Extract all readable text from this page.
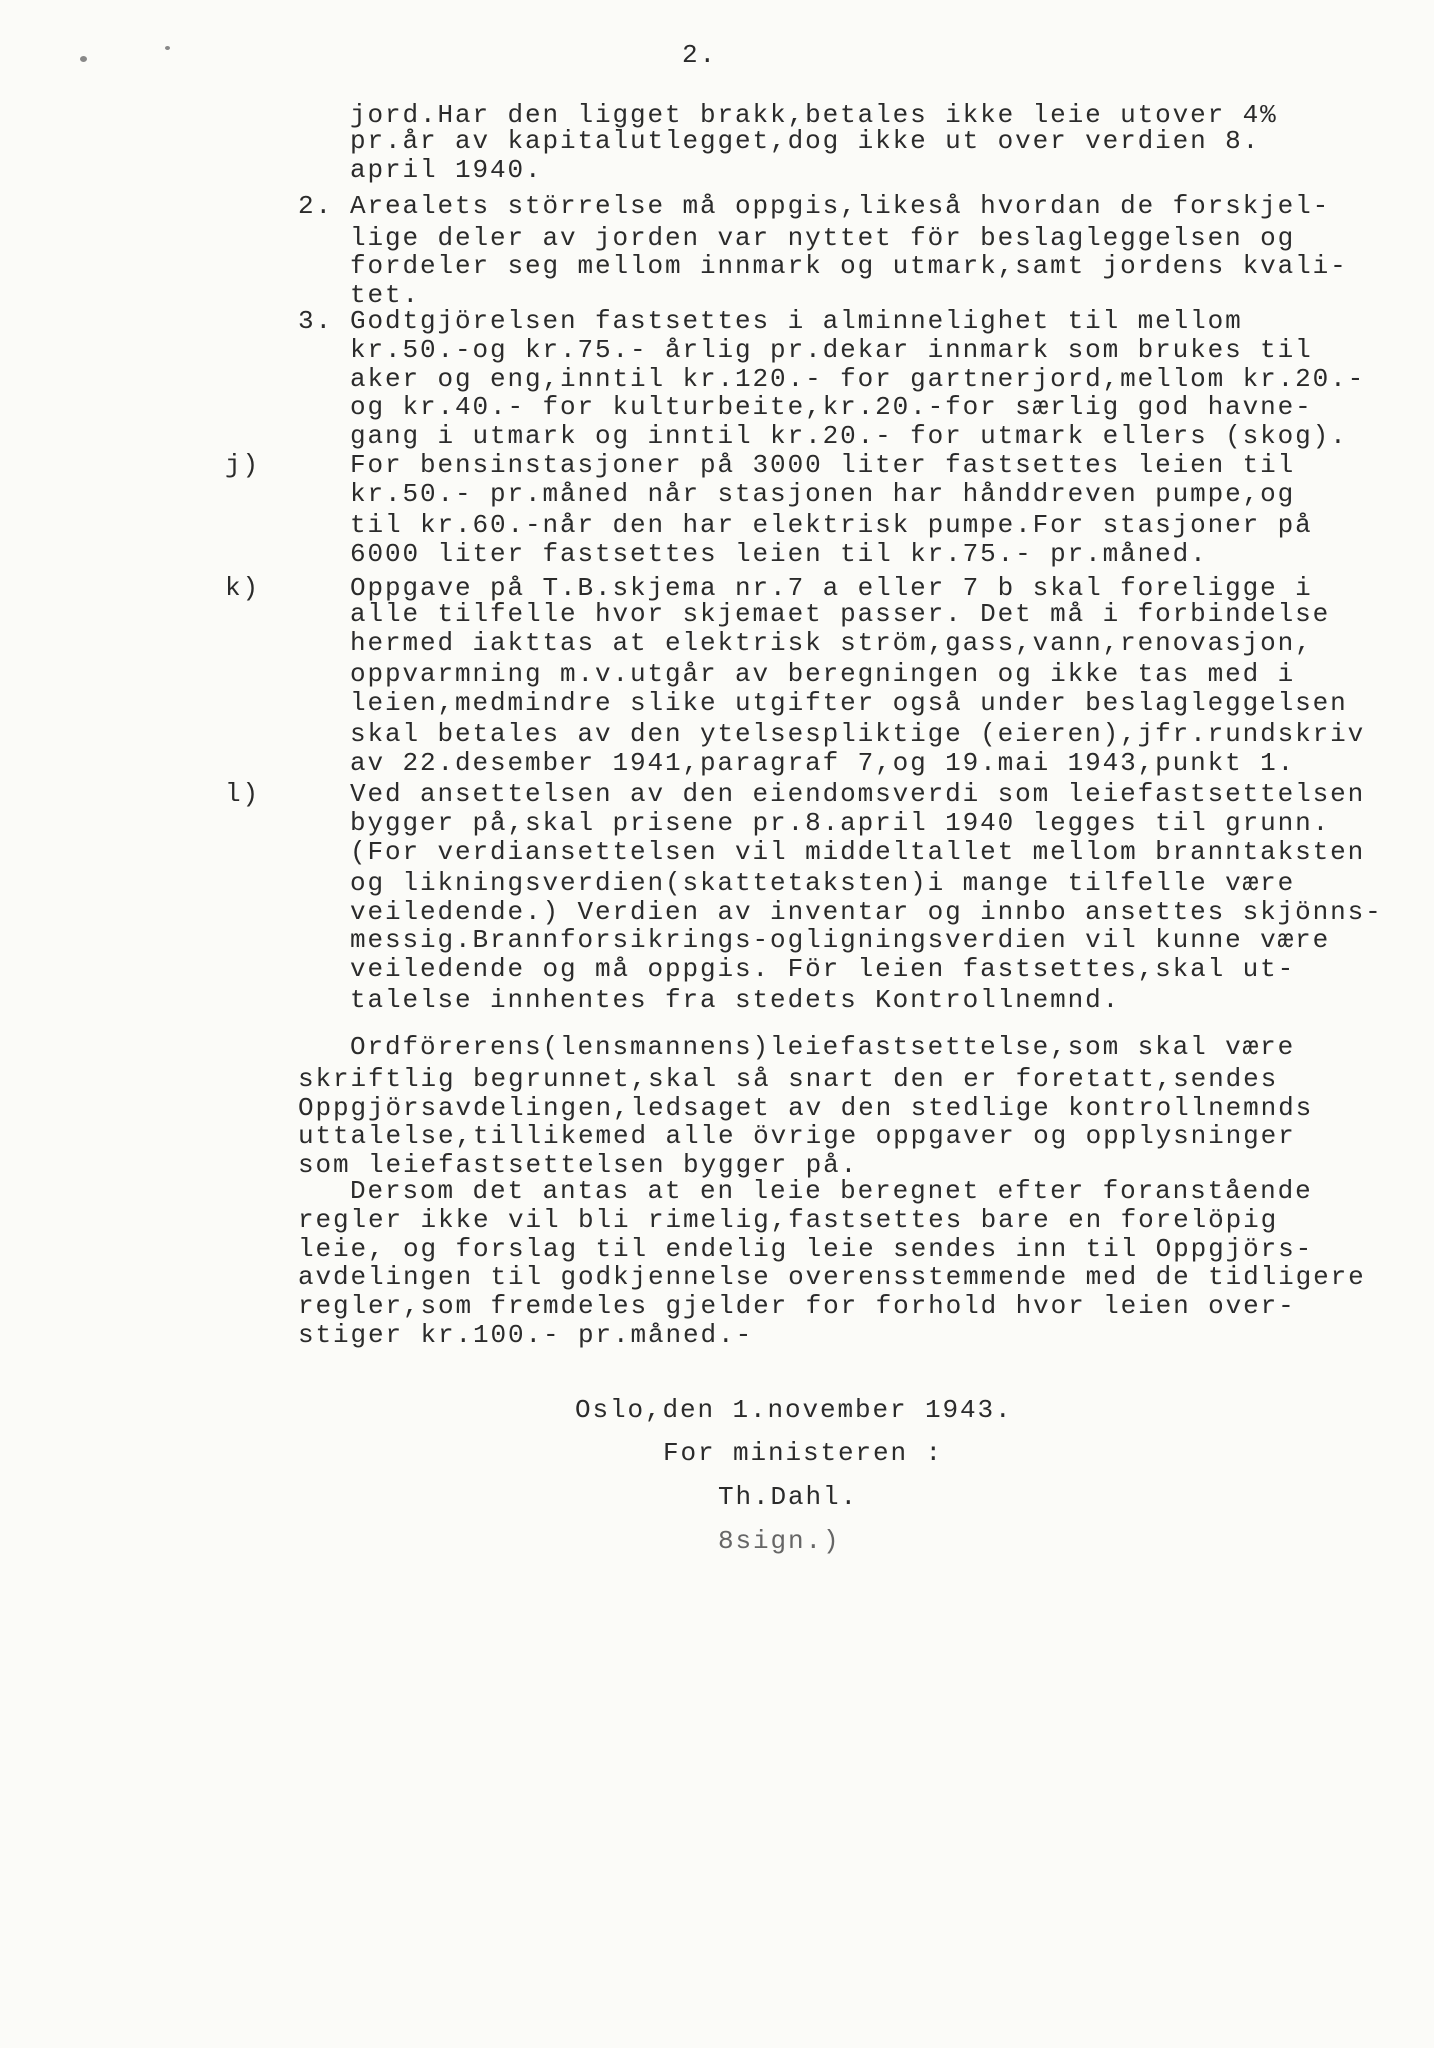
2.
jord.Har den ligget brakk,betales ikke leie utover 4%
pr.år av kapitalutlegget,dog ikke ut over verdien 8.
april 1940.
2. Arealets störrelse må oppgis,likeså hvordan de forskjel-
lige deler av jorden var nyttet för beslagleggelsen og
fordeler seg mellom innmark og utmark,samt jordens kvali-
tet.
3. Godtgjörelsen fastsettes i alminnelighet til mellom
kr.50.-og kr.75.- årlig pr.dekar innmark som brukes til
aker og eng,inntil kr.120.- for gartnerjord,mellom kr.20.-
og kr.40.- for kulturbeite,kr.20.-for særlig god havne-
gang i utmark og inntil kr.20.- for utmark ellers (skog).
j)	For bensinstasjoner på 3000 liter fastsettes leien til
kr.50.- pr.måned når stasjonen har hånddreven pumpe,og
til kr.60.-når den har elektrisk pumpe.For stasjoner på
6000 liter fastsettes leien til kr.75.- pr.måned.
k)	Oppgave på T.B.skjema nr.7 a eller 7 b skal foreligge i
alle tilfelle hvor skjemaet passer. Det må i forbindelse
hermed iakttas at elektrisk ström,gass,vann,renovasjon,
oppvarmning m.v.utgår av beregningen og ikke tas med i
leien,medmindre slike utgifter også under beslagleggelsen
skal betales av den ytelsespliktige (eieren),jfr.rundskriv
av 22.desember 1941,paragraf 7,og 19.mai 1943,punkt 1.
l)	Ved ansettelsen av den eiendomsverdi som leiefastsettelsen
bygger på,skal prisene pr.8.april 1940 legges til grunn.
(For verdiansettelsen vil middeltallet mellom branntaksten
og likningsverdien(skattetaksten)i mange tilfelle være
veiledende.) Verdien av inventar og innbo ansettes skjönns-
messig.Brannforsikrings-ogligningsverdien vil kunne være
veiledende og må oppgis. För leien fastsettes,skal ut-
talelse innhentes fra stedets Kontrollnemnd.
Ordförerens(lensmannens)leiefastsettelse,som skal være
skriftlig begrunnet,skal så snart den er foretatt,sendes
Oppgjörsavdelingen,ledsaget av den stedlige kontrollnemnds
uttalelse,tillikemed alle övrige oppgaver og opplysninger
som leiefastsettelsen bygger på.
Dersom det antas at en leie beregnet efter foranstående
regler ikke vil bli rimelig,fastsettes bare en forelöpig
leie, og forslag til endelig leie sendes inn til Oppgjörs-
avdelingen til godkjennelse overensstemmende med de tidligere
regler,som fremdeles gjelder for forhold hvor leien over-
stiger kr.100.- pr.måned.-
Oslo,den 1.november 1943.
For ministeren :
Th.Dahl.
8sign.)
